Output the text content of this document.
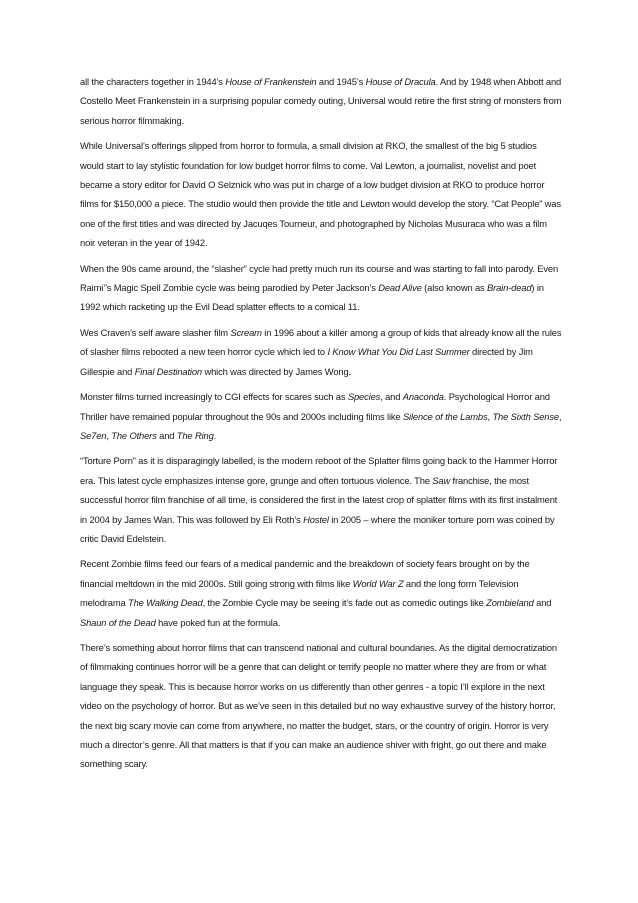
all the characters together in 1944’s House of Frankenstein and 1945’s House of Dracula. And by 1948 when Abbott and Costello Meet Frankenstein in a surprising popular comedy outing, Universal would retire the first string of monsters from serious horror filmmaking.

While Universal’s offerings slipped from horror to formula, a small division at RKO, the smallest of the big 5 studios would start to lay stylistic foundation for low budget horror films to come. Val Lewton, a journalist, novelist and poet became a story editor for David O Selznick who was put in charge of a low budget division at RKO to produce horror films for $150,000 a piece. The studio would then provide the title and Lewton would develop the story. “Cat People” was one of the first titles and was directed by Jacuqes Tourneur, and photographed by Nicholas Musuraca who was a film noir veteran in the year of 1942.

When the 90s came around, the “slasher” cycle had pretty much run its course and was starting to fall into parody. Even Raimi’’s Magic Spell Zombie cycle was being parodied by Peter Jackson’s Dead Alive (also known as Brain-dead) in 1992 which racketing up the Evil Dead splatter effects to a comical 11.

Wes Craven’s self aware slasher film Scream in 1996 about a killer among a group of kids that already know all the rules of slasher films rebooted a new teen horror cycle which led to I Know What You Did Last Summer directed by Jim Gillespie and Final Destination which was directed by James Wong.

Monster films turned increasingly to CGI effects for scares such as Species, and Anaconda. Psychological Horror and Thriller have remained popular throughout the 90s and 2000s including films like Silence of the Lambs, The Sixth Sense, Se7en, The Others and The Ring.

“Torture Porn” as it is disparagingly labelled, is the modern reboot of the Splatter films going back to the Hammer Horror era. This latest cycle emphasizes intense gore, grunge and often tortuous violence. The Saw franchise, the most successful horror film franchise of all time, is considered the first in the latest crop of splatter films with its first instalment in 2004 by James Wan. This was followed by Eli Roth’s Hostel in 2005 – where the moniker torture porn was coined by critic David Edelstein.

Recent Zombie films feed our fears of a medical pandemic and the breakdown of society fears brought on by the financial meltdown in the mid 2000s. Still going strong with films like World War Z and the long form Television melodrama The Walking Dead, the Zombie Cycle may be seeing it’s fade out as comedic outings like Zombieland and Shaun of the Dead have poked fun at the formula.

There’s something about horror films that can transcend national and cultural boundaries. As the digital democratization of filmmaking continues horror will be a genre that can delight or terrify people no matter where they are from or what language they speak. This is because horror works on us differently than other genres - a topic I’ll explore in the next video on the psychology of horror. But as we’ve seen in this detailed but no way exhaustive survey of the history horror, the next big scary movie can come from anywhere, no matter the budget, stars, or the country of origin. Horror is very much a director’s genre. All that matters is that if you can make an audience shiver with fright, go out there and make something scary.
